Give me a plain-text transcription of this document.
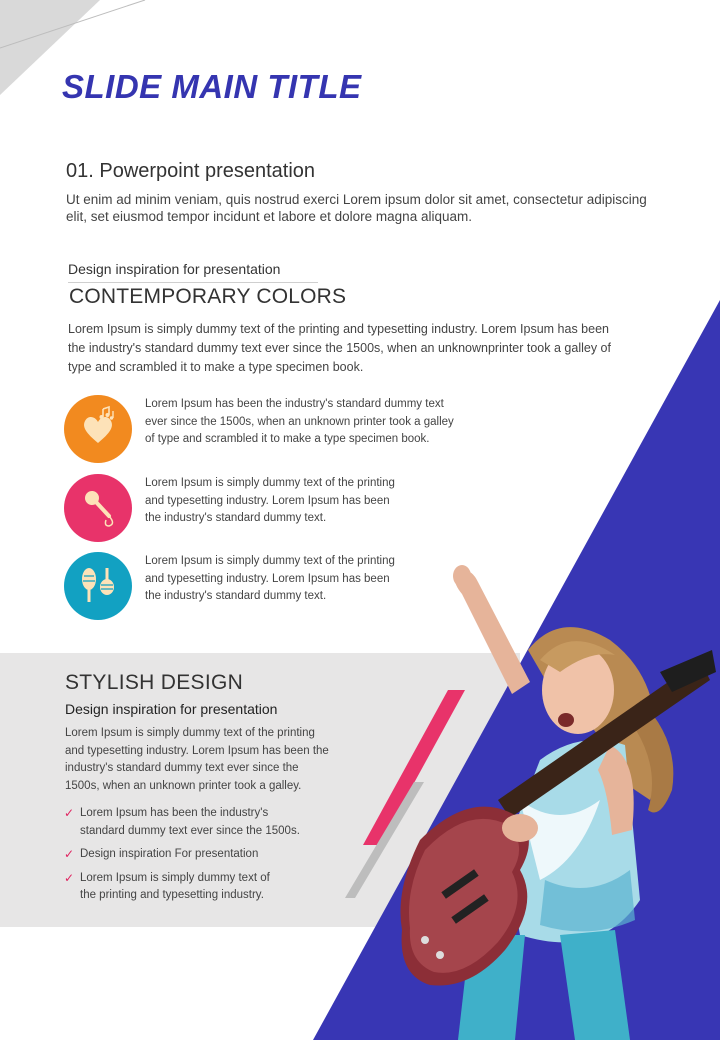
SLIDE MAIN TITLE
01. Powerpoint presentation
Ut enim ad minim veniam, quis nostrud exerci Lorem ipsum dolor sit amet, consectetur adipiscing
elit, set eiusmod tempor incidunt et labore et dolore magna aliquam.
Design inspiration for presentation
CONTEMPORARY COLORS
Lorem Ipsum is simply dummy text of the printing and typesetting industry. Lorem Ipsum has been
the industry's standard dummy text ever since the 1500s, when an unknownprinter took a galley of
type and scrambled it to make a type specimen book.
Lorem Ipsum has been the industry's standard dummy text
ever since the 1500s, when an unknown printer took a galley
of type and scrambled it to make a type specimen book.
Lorem Ipsum is simply dummy text of the printing
and typesetting industry. Lorem Ipsum has been
the industry's standard dummy text.
Lorem Ipsum is simply dummy text of the printing
and typesetting industry. Lorem Ipsum has been
the industry's standard dummy text.
STYLISH DESIGN
Design inspiration for presentation
Lorem Ipsum is simply dummy text of the printing
and typesetting industry. Lorem Ipsum has been the
industry's standard dummy text ever since the
1500s, when an unknown printer took a galley.
✓ Lorem Ipsum has been the industry's
standard dummy text ever since the 1500s.
✓ Design inspiration For presentation
✓ Lorem Ipsum is simply dummy text of
the printing and typesetting industry.
